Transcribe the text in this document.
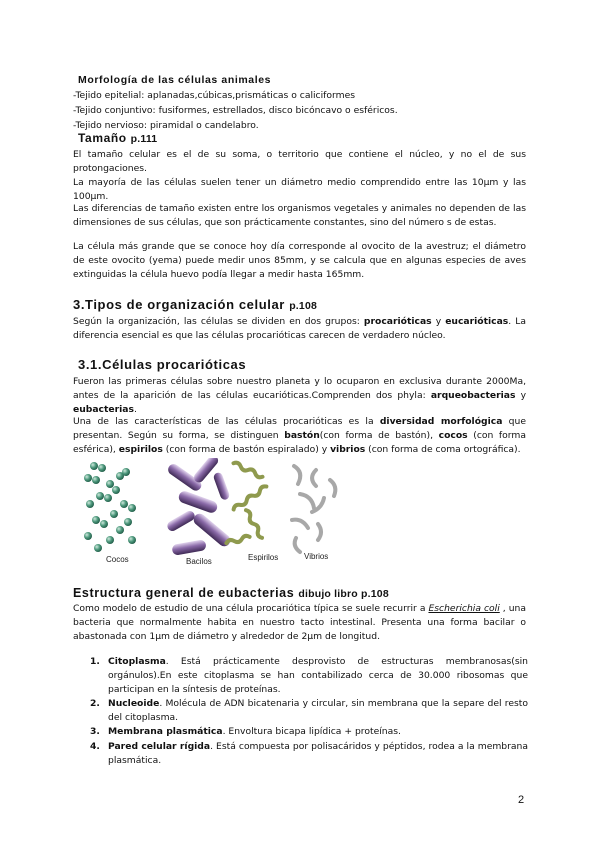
Morfología de las células animales

-Tejido epitelial: aplanadas,cúbicas,prismáticas o caliciformes

-Tejido conjuntivo: fusiformes, estrellados, disco bicóncavo o esféricos.

-Tejido nervioso: piramidal o candelabro.

Tamaño p.111

El tamaño celular es el de su soma, o territorio que contiene el núcleo, y no el de sus protongaciones.

La mayoría de las células suelen tener un diámetro medio comprendido entre las 10µm y las 100µm.

Las diferencias de tamaño existen entre los organismos vegetales y animales no dependen de las dimensiones de sus células, que son prácticamente constantes, sino del número s de estas.

La célula más grande que se conoce hoy día corresponde al ovocito de la avestruz; el diámetro de este ovocito (yema) puede medir unos 85mm, y se calcula que en algunas especies de aves extinguidas la célula huevo podía llegar a medir hasta 165mm.

3.Tipos de organización celular p.108

Según la organización, las células se dividen en dos grupos: procarióticas y eucarióticas. La diferencia esencial es que las células procarióticas carecen de verdadero núcleo.

3.1.Células procarióticas

Fueron las primeras células sobre nuestro planeta y lo ocuparon en exclusiva durante 2000Ma, antes de la aparición de las células eucarióticas.Comprenden dos phyla: arqueobacterias y eubacterias.

Una de las características de las células procarióticas es la diversidad morfológica que presentan. Según su forma, se distinguen bastón(con forma de bastón), cocos (con forma esférica), espirilos (con forma de bastón espiralado) y vibrios (con forma de coma ortográfica).

Cocos	Bacilos	Espirilos	Vibrios
Estructura general de eubacterias dibujo libro p.108

Como modelo de estudio de una célula procariótica típica se suele recurrir a Escherichia coli , una bacteria que normalmente habita en nuestro tacto intestinal. Presenta una forma bacilar o abastonada con 1µm de diámetro y alrededor de 2µm de longitud.

1. Citoplasma. Está prácticamente desprovisto de estructuras membranosas(sin orgánulos).En este citoplasma se han contabilizado cerca de 30.000 ribosomas que participan en la síntesis de proteínas.
2. Nucleoide. Molécula de ADN bicatenaria y circular, sin membrana que la separe del resto del citoplasma.
3. Membrana plasmática. Envoltura bicapa lipídica + proteínas.
4. Pared celular rígida. Está compuesta por polisacáridos y péptidos, rodea a la membrana plasmática.
2
